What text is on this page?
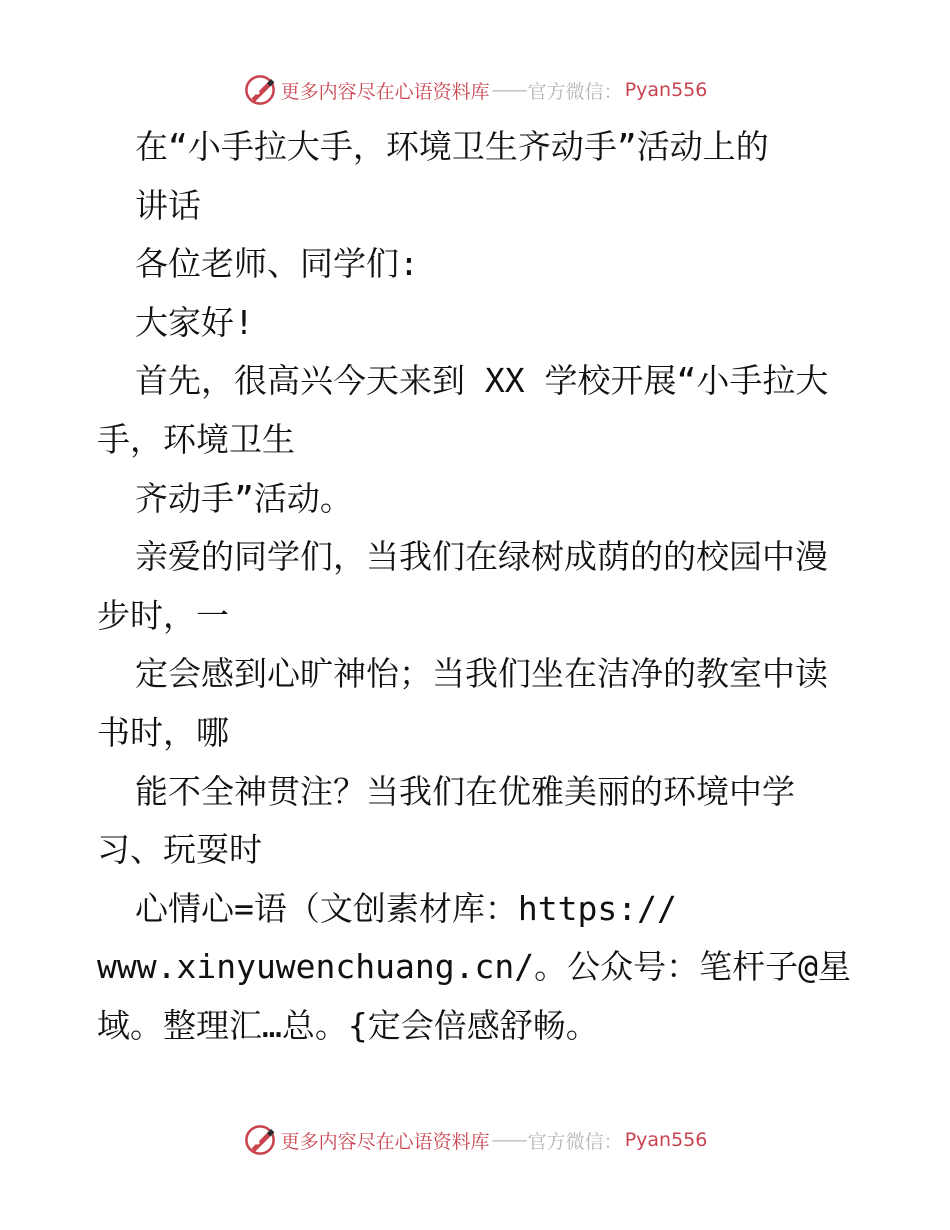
更多内容尽在心语资料库 —— 官方微信： Pyan556
在“小手拉大手，环境卫生齐动手”活动上的
讲话
各位老师、同学们:
大家好!
首先，很高兴今天来到 XX 学校开展“小手拉大
手，环境卫生
齐动手”活动。
亲爱的同学们，当我们在绿树成荫的的校园中漫
步时，一
定会感到心旷神怡；当我们坐在洁净的教室中读
书时，哪
能不全神贯注？当我们在优雅美丽的环境中学
习、玩耍时
心情心=语（文创素材库：https://
www.xinyuwenchuang.cn/。公众号：笔杆子@星
域。整理汇…总。{定会倍感舒畅。
更多内容尽在心语资料库 —— 官方微信： Pyan556
